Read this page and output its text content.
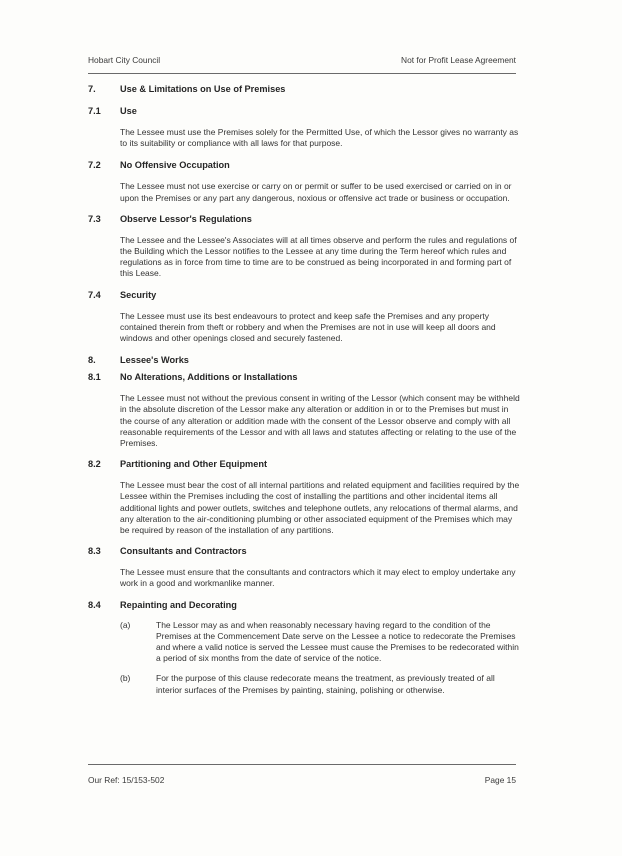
Hobart City Council	Not for Profit Lease Agreement
7.	Use & Limitations on Use of Premises
7.1	Use
The Lessee must use the Premises solely for the Permitted Use, of which the Lessor gives no warranty as to its suitability or compliance with all laws for that purpose.
7.2	No Offensive Occupation
The Lessee must not use exercise or carry on or permit or suffer to be used exercised or carried on in or upon the Premises or any part any dangerous, noxious or offensive act trade or business or occupation.
7.3	Observe Lessor's Regulations
The Lessee and the Lessee's Associates will at all times observe and perform the rules and regulations of the Building which the Lessor notifies to the Lessee at any time during the Term hereof which rules and regulations as in force from time to time are to be construed as being incorporated in and forming part of this Lease.
7.4	Security
The Lessee must use its best endeavours to protect and keep safe the Premises and any property contained therein from theft or robbery and when the Premises are not in use will keep all doors and windows and other openings closed and securely fastened.
8.	Lessee's Works
8.1	No Alterations, Additions or Installations
The Lessee must not without the previous consent in writing of the Lessor (which consent may be withheld in the absolute discretion of the Lessor make any alteration or addition in or to the Premises but must in the course of any alteration or addition made with the consent of the Lessor observe and comply with all reasonable requirements of the Lessor and with all laws and statutes affecting or relating to the use of the Premises.
8.2	Partitioning and Other Equipment
The Lessee must bear the cost of all internal partitions and related equipment and facilities required by the Lessee within the Premises including the cost of installing the partitions and other incidental items all additional lights and power outlets, switches and telephone outlets, any relocations of thermal alarms, and any alteration to the air-conditioning plumbing or other associated equipment of the Premises which may be required by reason of the installation of any partitions.
8.3	Consultants and Contractors
The Lessee must ensure that the consultants and contractors which it may elect to employ undertake any work in a good and workmanlike manner.
8.4	Repainting and Decorating
(a)	The Lessor may as and when reasonably necessary having regard to the condition of the Premises at the Commencement Date serve on the Lessee a notice to redecorate the Premises and where a valid notice is served the Lessee must cause the Premises to be redecorated within a period of six months from the date of service of the notice.
(b)	For the purpose of this clause redecorate means the treatment, as previously treated of all interior surfaces of the Premises by painting, staining, polishing or otherwise.
Our Ref: 15/153-502	Page 15
